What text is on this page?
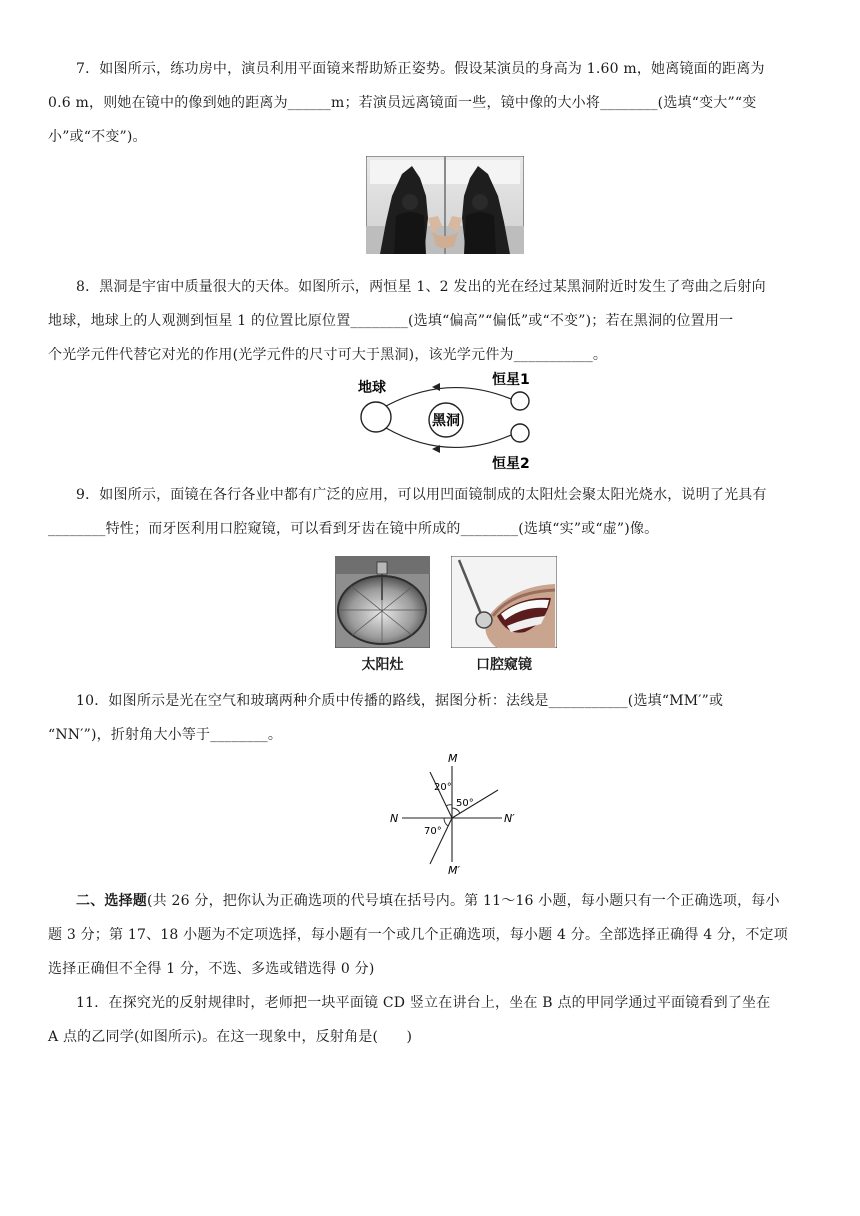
7．如图所示，练功房中，演员利用平面镜来帮助矫正姿势。假设某演员的身高为 1.60 m，她离镜面的距离为
0.6 m，则她在镜中的像到她的距离为______m；若演员远离镜面一些，镜中像的大小将________(选填“变大”“变
小”或“不变”)。
8．黑洞是宇宙中质量很大的天体。如图所示，两恒星 1、2 发出的光在经过某黑洞附近时发生了弯曲之后射向
地球，地球上的人观测到恒星 1 的位置比原位置________(选填“偏高”“偏低”或“不变”)；若在黑洞的位置用一
个光学元件代替它对光的作用(光学元件的尺寸可大于黑洞)，该光学元件为___________。
地球
黑洞
恒星1
恒星2
9．如图所示，面镜在各行各业中都有广泛的应用，可以用凹面镜制成的太阳灶会聚太阳光烧水，说明了光具有
________特性；而牙医利用口腔窥镜，可以看到牙齿在镜中所成的________(选填“实”或“虚”)像。
太阳灶	口腔窥镜
10．如图所示是光在空气和玻璃两种介质中传播的路线，据图分析：法线是___________(选填“MM′”或
“NN′”)，折射角大小等于________。
M
M′
N	N′
20°
50°
70°
二、选择题(共 26 分，把你认为正确选项的代号填在括号内。第 11～16 小题，每小题只有一个正确选项，每小
题 3 分；第 17、18 小题为不定项选择，每小题有一个或几个正确选项，每小题 4 分。全部选择正确得 4 分，不定项
选择正确但不全得 1 分，不选、多选或错选得 0 分)
11．在探究光的反射规律时，老师把一块平面镜 CD 竖立在讲台上，坐在 B 点的甲同学通过平面镜看到了坐在
A 点的乙同学(如图所示)。在这一现象中，反射角是(　　)
